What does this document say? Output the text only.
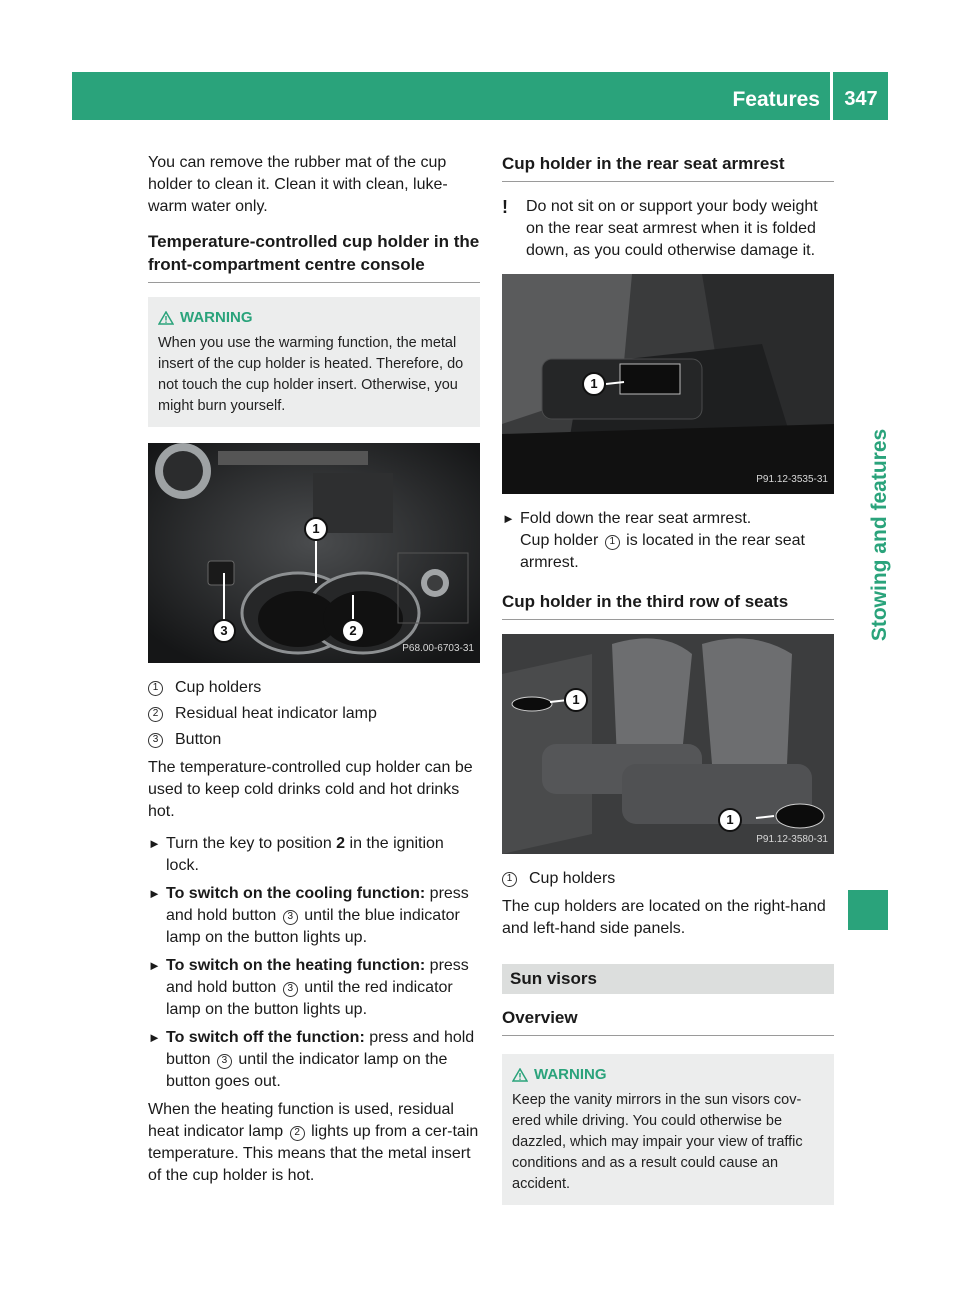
Features	347
Stowing and features

You can remove the rubber mat of the cup holder to clean it. Clean it with clean, luke-warm water only.

Temperature-controlled cup holder in the front-compartment centre console
WARNING
When you use the warming function, the metal insert of the cup holder is heated. Therefore, do not touch the cup holder insert. Otherwise, you might burn yourself.
1
2
3
P68.00-6703-31
1 Cup holders
2 Residual heat indicator lamp
3 Button

The temperature-controlled cup holder can be used to keep cold drinks cold and hot drinks hot.

► Turn the key to position 2 in the ignition lock.
► To switch on the cooling function: press and hold button 3 until the blue indicator lamp on the button lights up.
► To switch on the heating function: press and hold button 3 until the red indicator lamp on the button lights up.
► To switch off the function: press and hold button 3 until the indicator lamp on the button goes out.

When the heating function is used, residual heat indicator lamp 2 lights up from a cer-tain temperature. This means that the metal insert of the cup holder is hot.

Cup holder in the rear seat armrest
!	Do not sit on or support your body weight on the rear seat armrest when it is folded down, as you could otherwise damage it.
1
P91.12-3535-31
► Fold down the rear seat armrest.
Cup holder 1 is located in the rear seat armrest.
Cup holder in the third row of seats
1
1
P91.12-3580-31
1 Cup holders

The cup holders are located on the right-hand and left-hand side panels.

Sun visors
Overview
WARNING
Keep the vanity mirrors in the sun visors cov-ered while driving. You could otherwise be dazzled, which may impair your view of traffic conditions and as a result could cause an accident.
